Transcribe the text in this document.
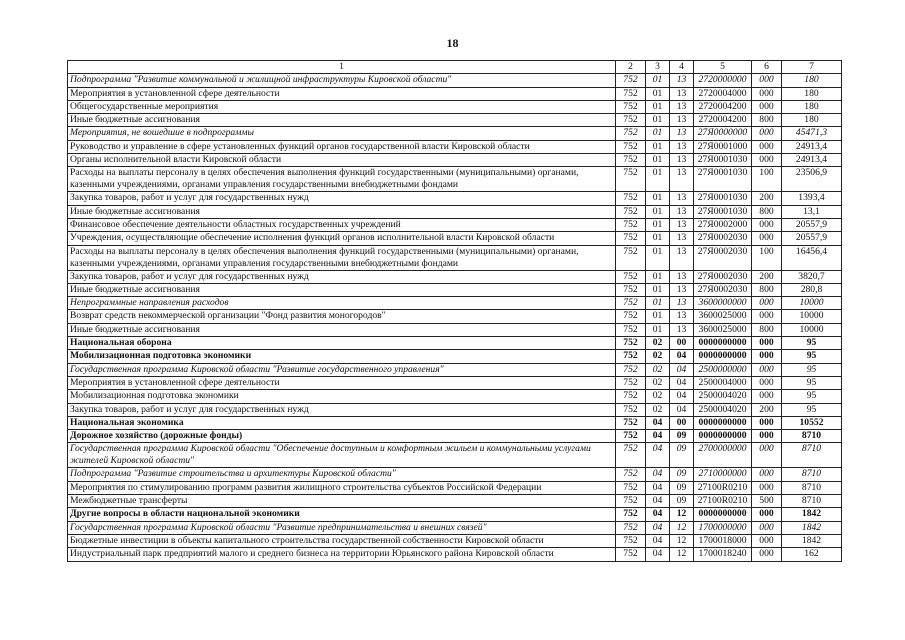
18
1	2	3	4	5	6	7
Подпрограмма "Развитие коммунальной и жилищной инфраструктуры Кировской области"	752	01	13	2720000000	000	180
Мероприятия в установленной сфере деятельности	752	01	13	2720004000	000	180
Общегосударственные мероприятия	752	01	13	2720004200	000	180
Иные бюджетные ассигнования	752	01	13	2720004200	800	180
Мероприятия, не вошедшие в подпрограммы	752	01	13	27Я0000000	000	45471,3
Руководство и управление в сфере установленных функций органов государственной власти Кировской области	752	01	13	27Я0001000	000	24913,4
Органы исполнительной власти Кировской области	752	01	13	27Я0001030	000	24913,4
Расходы на выплаты персоналу в целях обеспечения выполнения функций государственными (муниципальными) органами, казенными учреждениями, органами управления государственными внебюджетными фондами	752	01	13	27Я0001030	100	23506,9
Закупка товаров, работ и услуг для государственных нужд	752	01	13	27Я0001030	200	1393,4
Иные бюджетные ассигнования	752	01	13	27Я0001030	800	13,1
Финансовое обеспечение деятельности областных государственных учреждений	752	01	13	27Я0002000	000	20557,9
Учреждения, осуществляющие обеспечение исполнения функций органов исполнительной власти Кировской области	752	01	13	27Я0002030	000	20557,9
Расходы на выплаты персоналу в целях обеспечения выполнения функций государственными (муниципальными) органами, казенными учреждениями, органами управления государственными внебюджетными фондами	752	01	13	27Я0002030	100	16456,4
Закупка товаров, работ и услуг для государственных нужд	752	01	13	27Я0002030	200	3820,7
Иные бюджетные ассигнования	752	01	13	27Я0002030	800	280,8
Непрограммные направления расходов	752	01	13	3600000000	000	10000
Возврат средств некоммерческой организации "Фонд развития моногородов"	752	01	13	3600025000	000	10000
Иные бюджетные ассигнования	752	01	13	3600025000	800	10000
Национальная оборона	752	02	00	0000000000	000	95
Мобилизационная подготовка экономики	752	02	04	0000000000	000	95
Государственная программа Кировской области "Развитие государственного управления"	752	02	04	2500000000	000	95
Мероприятия в установленной сфере деятельности	752	02	04	2500004000	000	95
Мобилизационная подготовка экономики	752	02	04	2500004020	000	95
Закупка товаров, работ и услуг для государственных нужд	752	02	04	2500004020	200	95
Национальная экономика	752	04	00	0000000000	000	10552
Дорожное хозяйство (дорожные фонды)	752	04	09	0000000000	000	8710
Государственная программа Кировской области "Обеспечение доступным и комфортным жильем и коммунальными услугами жителей Кировской области"	752	04	09	2700000000	000	8710
Подпрограмма "Развитие строительства и архитектуры Кировской области"	752	04	09	2710000000	000	8710
Мероприятия по стимулированию программ развития жилищного строительства субъектов Российской Федерации	752	04	09	27100R0210	000	8710
Межбюджетные трансферты	752	04	09	27100R0210	500	8710
Другие вопросы в области национальной экономики	752	04	12	0000000000	000	1842
Государственная программа Кировской области "Развитие предпринимательства и внешних связей"	752	04	12	1700000000	000	1842
Бюджетные инвестиции в объекты капитального строительства государственной собственности Кировской области	752	04	12	1700018000	000	1842
Индустриальный парк предприятий малого и среднего бизнеса на территории Юрьянского района Кировской области	752	04	12	1700018240	000	162
